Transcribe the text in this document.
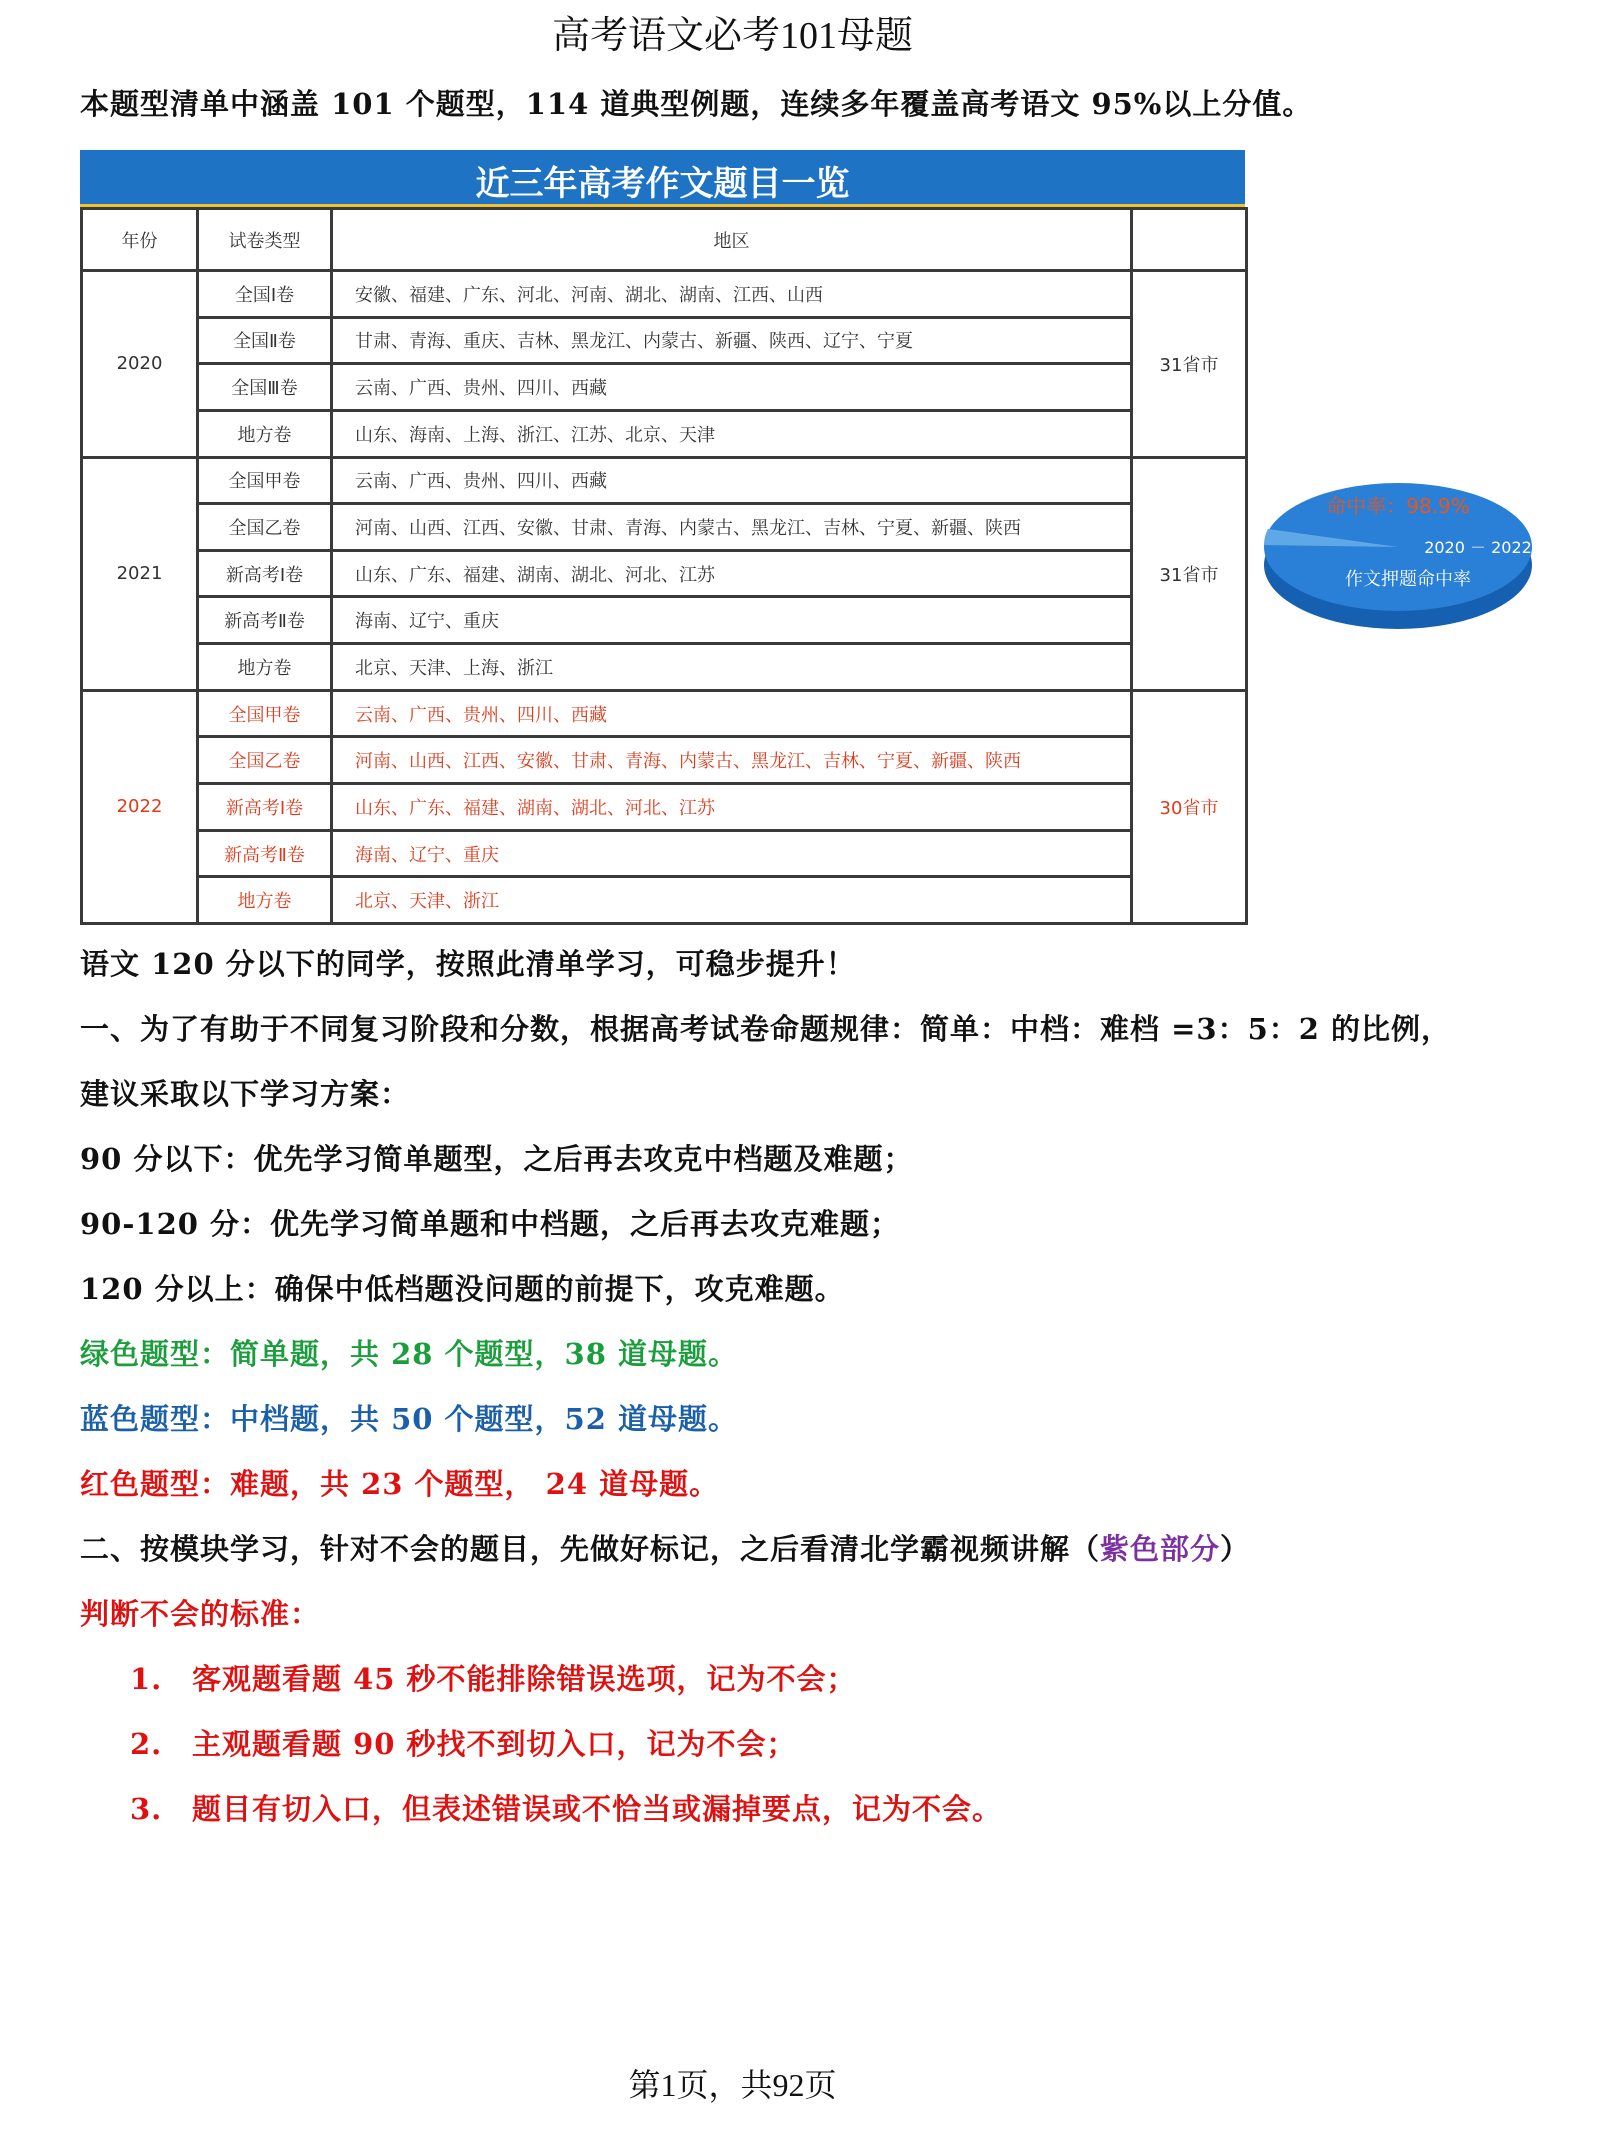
高考语文必考101母题
本题型清单中涵盖 101 个题型，114 道典型例题，连续多年覆盖高考语文 95%以上分值。
近三年高考作文题目一览
年份	试卷类型	地区	
2020	全国Ⅰ卷	安徽、福建、广东、河北、河南、湖北、湖南、江西、山西	31省市
	全国Ⅱ卷	甘肃、青海、重庆、吉林、黑龙江、内蒙古、新疆、陕西、辽宁、宁夏	
	全国Ⅲ卷	云南、广西、贵州、四川、西藏	
	地方卷	山东、海南、上海、浙江、江苏、北京、天津	
2021	全国甲卷	云南、广西、贵州、四川、西藏	31省市
	全国乙卷	河南、山西、江西、安徽、甘肃、青海、内蒙古、黑龙江、吉林、宁夏、新疆、陕西	
	新高考Ⅰ卷	山东、广东、福建、湖南、湖北、河北、江苏	
	新高考Ⅱ卷	海南、辽宁、重庆	
	地方卷	北京、天津、上海、浙江	
2022	全国甲卷	云南、广西、贵州、四川、西藏	30省市
	全国乙卷	河南、山西、江西、安徽、甘肃、青海、内蒙古、黑龙江、吉林、宁夏、新疆、陕西	
	新高考Ⅰ卷	山东、广东、福建、湖南、湖北、河北、江苏	
	新高考Ⅱ卷	海南、辽宁、重庆	
	地方卷	北京、天津、浙江	
命中率：98.9%
2020 － 2022
作文押题命中率
语文 120 分以下的同学，按照此清单学习，可稳步提升！
一、为了有助于不同复习阶段和分数，根据高考试卷命题规律：简单：中档：难档 =3：5：2 的比例，
建议采取以下学习方案：
90 分以下：优先学习简单题型，之后再去攻克中档题及难题；
90-120 分：优先学习简单题和中档题，之后再去攻克难题；
120 分以上：确保中低档题没问题的前提下，攻克难题。
绿色题型：简单题，共 28 个题型，38 道母题。
蓝色题型：中档题，共 50 个题型，52 道母题。
红色题型：难题，共 23 个题型， 24 道母题。
二、按模块学习，针对不会的题目，先做好标记，之后看清北学霸视频讲解（紫色部分）
判断不会的标准：
1. 客观题看题 45 秒不能排除错误选项，记为不会；
2. 主观题看题 90 秒找不到切入口，记为不会；
3. 题目有切入口，但表述错误或不恰当或漏掉要点，记为不会。
第1页，共92页
